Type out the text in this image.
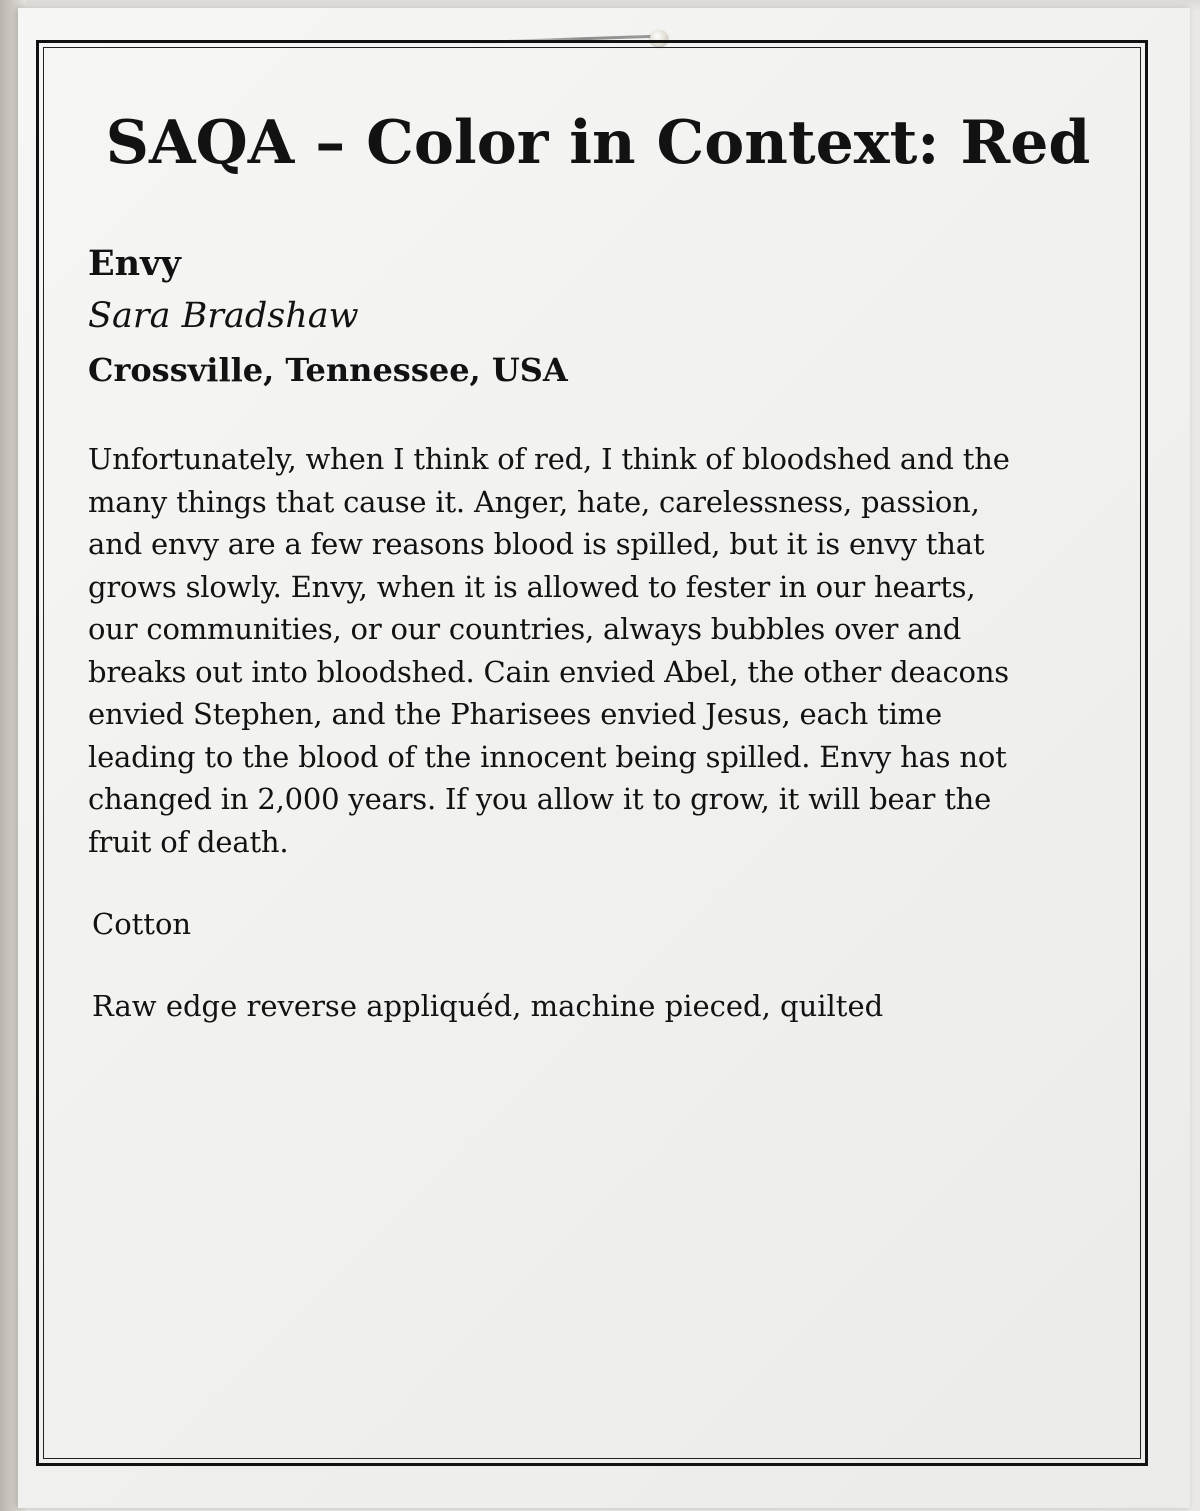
SAQA – Color in Context: Red
Envy
Sara Bradshaw
Crossville, Tennessee, USA
Unfortunately, when I think of red, I think of bloodshed and the
many things that cause it. Anger, hate, carelessness, passion,
and envy are a few reasons blood is spilled, but it is envy that
grows slowly. Envy, when it is allowed to fester in our hearts,
our communities, or our countries, always bubbles over and
breaks out into bloodshed. Cain envied Abel, the other deacons
envied Stephen, and the Pharisees envied Jesus, each time
leading to the blood of the innocent being spilled. Envy has not
changed in 2,000 years. If you allow it to grow, it will bear the
fruit of death.
Cotton
Raw edge reverse appliquéd, machine pieced, quilted
